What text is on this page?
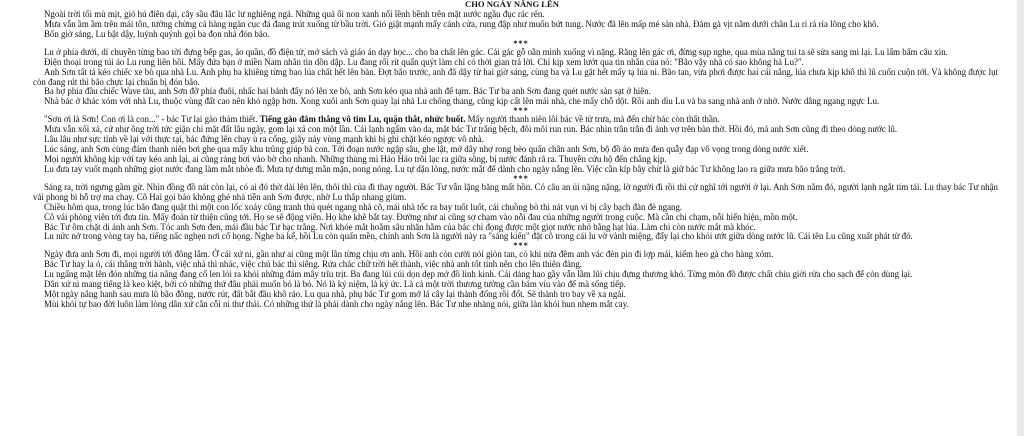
CHO NGÀY NẮNG LÊN

Ngoài trời tối mù mịt, gió hú điên dại, cây sầu đâu lắc lư nghiêng ngả. Những quả ổi non xanh nổi lềnh bềnh trên mặt nước ngầu đục rác rến.

Mưa vẫn ầm ầm trên mái tôn, tưởng chừng cả hàng ngàn cục đá đang trút xuống từ bầu trời. Gió giật mạnh mấy cánh cửa, rung đập như muốn bứt tung. Nước đã lên mấp mé sàn nhà. Đám gà vịt nằm dưới chân Lu rỉ rả rỉa lông cho khô.

Bốn giờ sáng, Lu bật dậy, luýnh quýnh gọi ba đọn nhà đón bão.

***

Lu ở phía dưới, dí chuyền từng bao tời đựng bếp gas, áo quần, đồ điện tử, mớ sách và giáo án dạy học... cho ba chất lên gác. Cái gác gỗ oằn mình xuống vì nặng. Răng lên gác ơi, đừng sụp nghe, qua mùa nắng tui ta sẽ sửa sang mi lại. Lu lẩm bẩm câu xin.

Điện thoại trong túi áo Lu rung liên hồi. Mấy đứa bạn ở miền Nam nhắn tin dồn dập. Lu đang rối rít quấn quýt làm chỉ có thời gian trả lời. Chỉ kịp xem lướt qua tin nhắn của nó: "Bão vậy nhà có sao không hả Lu?".

Anh Sơn tất tả kéo chiếc xe bò qua nhà Lu. Anh phụ ba khiêng từng bao lúa chất hết lên bàn. Đợt bão trước, anh đã dậy từ hai giờ sáng, cùng ba và Lu gặt hết mấy tạ lúa ni. Bão tan, vừa phơi được hai cái nắng, lúa chưa kịp khô thì lũ cuốn cuộn tới. Và không được lụt còn đang rút thì bão chực lại chuẩn bị đón bão.

Ba bợ phía đầu chiếc Wave tàu, anh Sơn đỡ phía đuôi, nhấc hai bánh đẩy nó lên xe bò, anh Sơn kéo qua nhà anh để tạm. Bác Tư ba anh Sơn đang quét nước sàn sạt ở hiên.

Nhà bác ở khác xóm với nhà Lu, thuộc vùng đất cao nên khó ngập hơn. Xong xuôi anh Sơn quay lại nhà Lu chống thang, cũng kịp cất lên mái nhà, che mấy chỗ dột. Rồi anh dìu Lu và ba sang nhà anh ở nhờ. Nước dâng ngang ngực Lu.

***

"Sơn ơi là Sơn! Con ơi là con..." - bác Tư lại gào thảm thiết. Tiếng gào đâm thẳng vô tim Lu, quặn thắt, nhức buốt. Mấy người thanh niên lôi bác về từ trưa, mà đến chừ bác còn thất thần.

Mưa vẫn xối xả, cứ như ông trời tức giận chi mặt đất lâu ngày, gom lại xả con một lần. Cái lạnh ngấm vào da, mặt bác Tư trắng bệch, đôi môi run run. Bác nhìn trân trân đi ảnh vợ trên bàn thờ. Hồi đó, má anh Sơn cũng đi theo dòng nước lũ.

Lâu lâu như sực tỉnh về lại với thực tại, bác đứng lên chạy ù ra cổng, giãy nảy vùng mạnh khi bị ghì chặt kéo ngược vô nhà.

Lúc sáng, anh Sơn cùng đám thanh niên bơi ghe qua mấy khu trũng giúp bà con. Tới đoạn nước ngập sâu, ghe lật, mở dây nhợ rong bèo quấn chân anh Sơn, bộ đồ áo mưa đen quẫy đạp vô vọng trong dòng nước xiết.

Mọi người không kịp với tay kéo anh lại, ai cũng rảng bơi vào bờ cho nhanh. Những thùng mì Hảo Hảo trôi lạc ra giữa sông, bị nước đánh rã ra. Thuyền cứu hộ đến chẳng kịp.

Lu đưa tay vuốt mạnh những giọt nước đang làm mắt nhòe đi. Mưa tự dưng mằn mặn, nong nóng. Lu tự dặn lòng, nước mắt để dành cho ngày nắng lên. Việc cần kíp bây chừ là giữ bác Tư không lao ra giữa mưa bão trắng trời.

***

Sáng ra, trời ngưng gầm gừ. Nhìn đồng đồ nát còn lại, có ai đó thờ dài lên lên, thôi thì của đi thay người. Bác Tư vẫn lặng băng mất hồn. Có câu an ủi nặng nặng, lờ người đi rồi thì cứ nghĩ tới người ở lại. Anh Sơn nằm đó, người lạnh ngắt tím tái. Lu thay bác Tư nhận vái phong bì hỗ trợ ma chay. Cô Hai gọi bảo không ghé nhà tiễn anh Sơn được, nhờ Lu thắp nhang giùm.

Chiều hôm qua, trong lúc bão đang quật thì một con lốc xoáy cũng tranh thủ quét ngang nhà cô, mái nhà tốc ra bay tuốt luốt, cái chuồng bò thì nát vụn vì bị cây bạch đàn đè ngang.

Cô vái phòng viên tới đưa tin. Mấy đoàn từ thiện cũng tới. Họ se sẽ động viên. Họ khe khẽ bắt tay. Đường như ai cũng sợ chạm vào nỗi đau của những người trong cuộc. Mà cần chi chạm, nỗi hiển hiện, mồn một.

Bác Tư ôm chặt di ảnh anh Sơn. Tóc anh Sơn đen, mái đầu bác Tư bạc trắng. Nơi khóe mắt hoằm sâu nhăn hằm của bác chỉ đọng được một giọt nước nhỏ bằng hạt lúa. Làm chi còn nước mắt mà khóc.

Lu nức nở trong vòng tay ba, tiếng nấc nghẹn nơi cổ họng. Nghe ba kể, hồi Lu còn quấn mền, chính anh Sơn là người này ra "sáng kiến" đặt cô trong cái lu vờ vành miệng, đẩy lại cho khỏi ướt giữa dòng nước lũ. Cái tên Lu cũng xuất phát từ đó.

***

Ngày đưa anh Sơn đi, mọi người tới đông lắm. Ở cái xứ ni, gần như ai cũng một lần từng chịu ơn anh. Hồi anh còn cười nói giòn tan, có khi nửa đêm anh vác đèn pin đi lợp mái, kiếm heo gà cho hàng xóm.

Bác Tư hay la ó, cái thằng trời hành, việc nhà thì nhác, việc chủ bác thì siêng. Rửa chác chữ trời hết thành, việc nhà anh tốt tính nên cho lên thiên đàng.

Lu ngẩng mặt lên đón những tia nắng đang cố len lỏi ra khỏi những đám mây trĩu trịt. Ba đang lúi cúi dọn dẹp mớ đồ linh kinh. Cái dáng hao gầy vẫn lầm lũi chịu đựng thương khó. Từng món đồ được chất chiu giời rửa cho sạch để còn dùng lại.

Dân xứ ni mang tiếng là keo kiệt, bởi có những thứ đâu phải muốn bỏ là bỏ. Nó là ký niệm, là ký ức. Là cả một trời thương tưởng cần bám víu vào để mà sống tiếp.

Một ngày nắng hanh sau mưa lũ bão đông, nước rút, đất bắt đầu khô ráo. Lu qua nhà, phụ bác Tư gom mớ lá cây lại thành đống rồi đốt. Sẽ thành tro bay về xa ngái.

Mùi khói tự bao đời luôn làm lòng dân xứ cằn cỗi ni thư thái. Có những thứ là phải dành cho ngày nắng lên. Bác Tư nhe nhàng nói, giữa làn khói hun nhem mắt cay.
